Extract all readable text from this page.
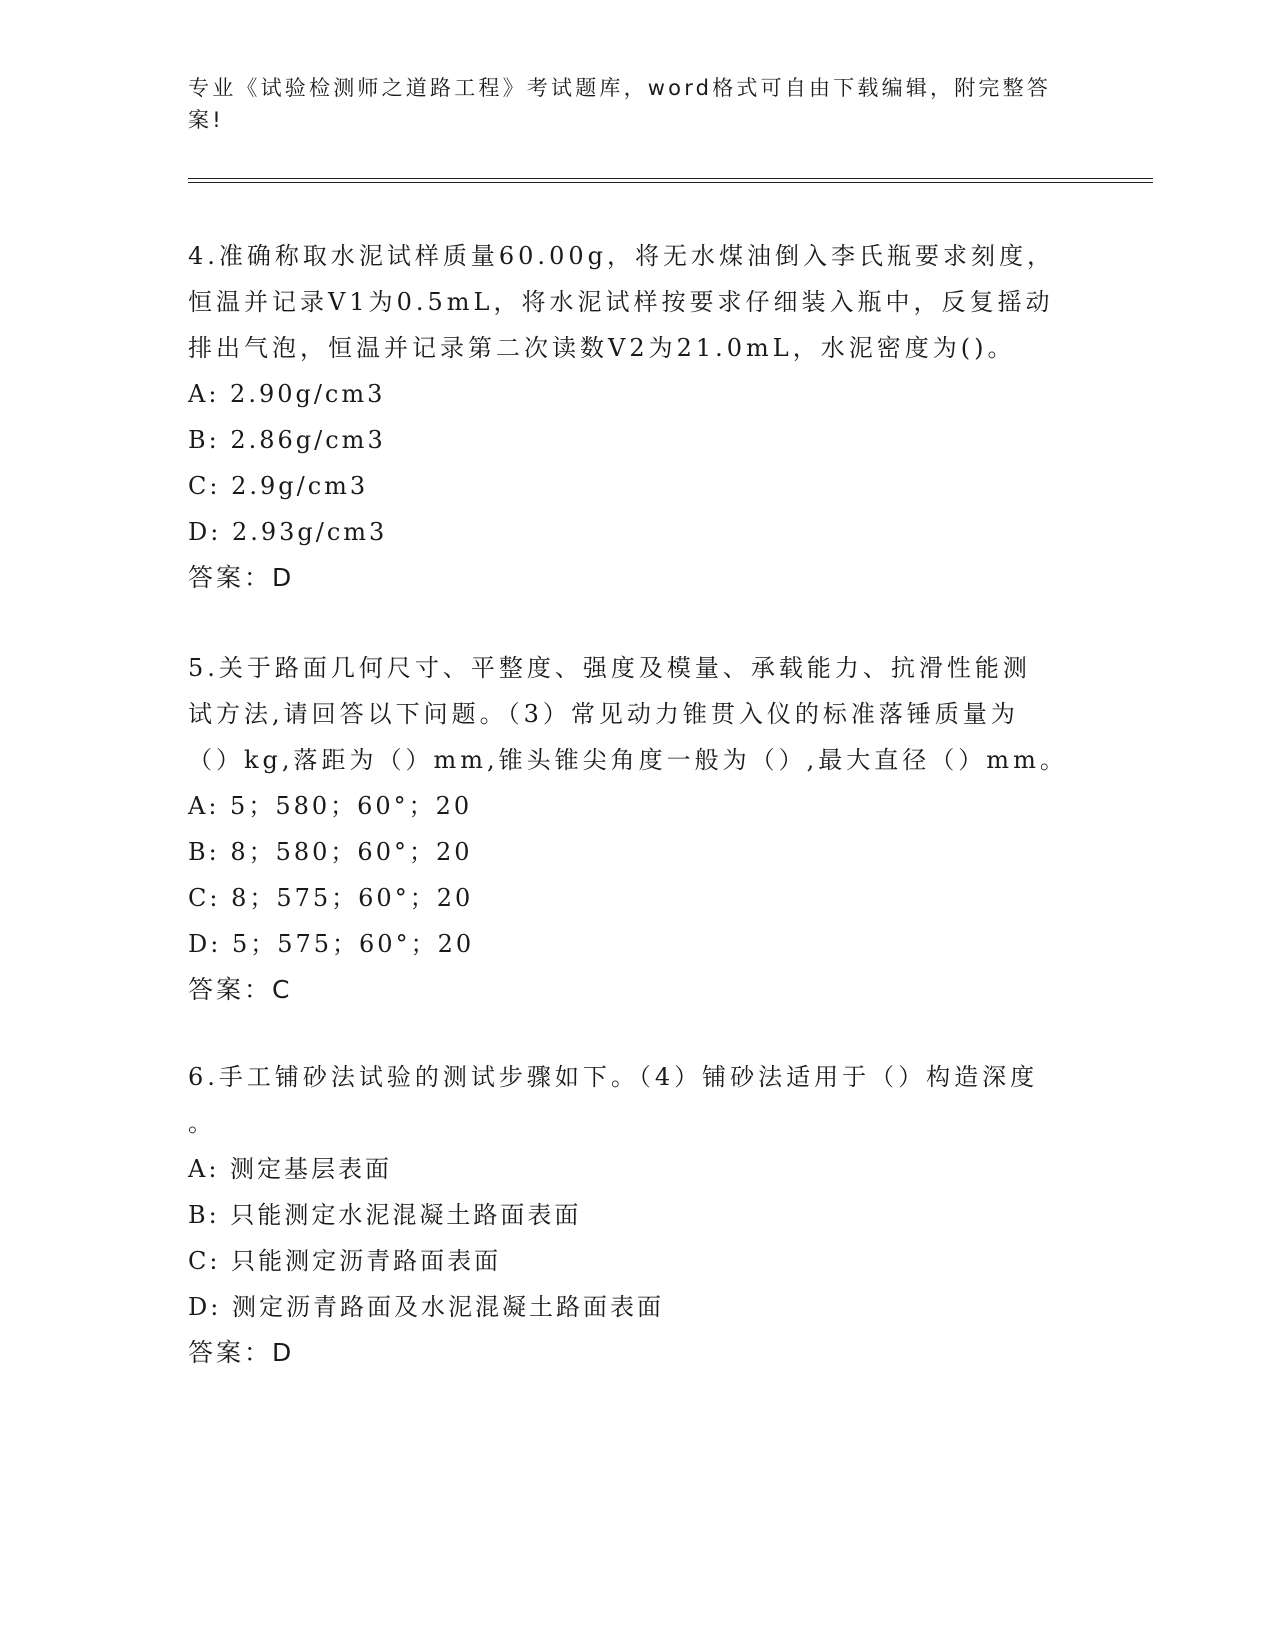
专业《试验检测师之道路工程》考试题库，word格式可自由下载编辑，附完整答
案!
4.准确称取水泥试样质量60.00g，将无水煤油倒入李氏瓶要求刻度，
恒温并记录V1为0.5mL，将水泥试样按要求仔细装入瓶中，反复摇动
排出气泡，恒温并记录第二次读数V2为21.0mL，水泥密度为()。
A: 2.90g/cm3
B: 2.86g/cm3
C: 2.9g/cm3
D: 2.93g/cm3
答案：D
5.关于路面几何尺寸、平整度、强度及模量、承载能力、抗滑性能测
试方法,请回答以下问题。（3）常见动力锥贯入仪的标准落锤质量为
（）kg,落距为（）mm,锥头锥尖角度一般为（）,最大直径（）mm。
A: 5；580；60°；20
B: 8；580；60°；20
C: 8；575；60°；20
D: 5；575；60°；20
答案：C
6.手工铺砂法试验的测试步骤如下。（4）铺砂法适用于（）构造深度
。
A: 测定基层表面
B: 只能测定水泥混凝土路面表面
C: 只能测定沥青路面表面
D: 测定沥青路面及水泥混凝土路面表面
答案：D
